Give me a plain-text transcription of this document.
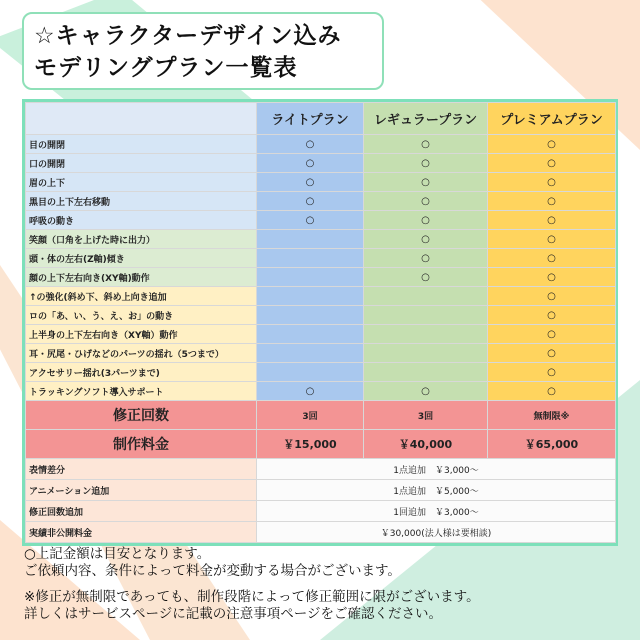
☆キャラクターデザイン込み
モデリングプラン一覧表
	ライトプラン	レギュラープラン	プレミアムプラン
目の開閉	○	○	○
口の開閉	○	○	○
眉の上下	○	○	○
黒目の上下左右移動	○	○	○
呼吸の動き	○	○	○
笑顔（口角を上げた時に出力）		○	○
頭・体の左右(Z軸)傾き		○	○
顔の上下左右向き(XY軸)動作		○	○
↑の強化(斜め下、斜め上向き追加			○
ロの「あ、い、う、え、お」の動き			○
上半身の上下左右向き（XY軸）動作			○
耳・尻尾・ひげなどのパーツの揺れ（5つまで）			○
アクセサリー揺れ(3パーツまで)			○
トラッキングソフト導入サポート	○	○	○
修正回数	3回	3回	無制限※
制作料金	￥15,000	￥40,000	￥65,000
表情差分	1点追加　￥3,000～		
アニメーション追加	1点追加　￥5,000～		
修正回数追加	1回追加　￥3,000～		
実績非公開料金	￥30,000(法人様は要相談)		

○上記金額は目安となります。

ご依頼内容、条件によって料金が変動する場合がございます。

※修正が無制限であっても、制作段階によって修正範囲に限がございます。

詳しくはサービスページに記載の注意事項ページをご確認ください。
